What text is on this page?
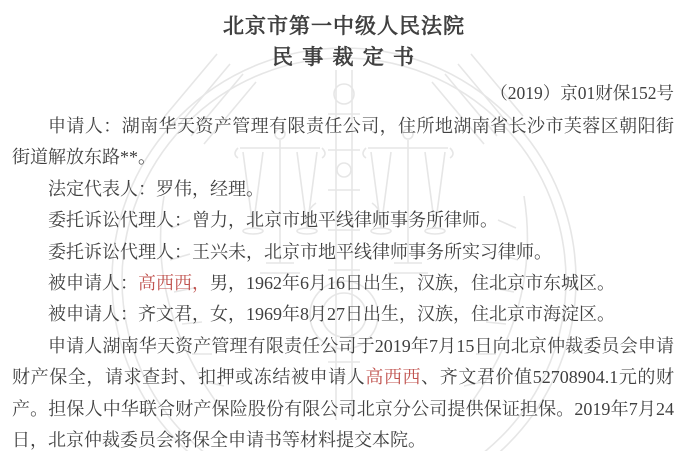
北京市第一中级人民法院
民 事 裁 定 书
（2019）京01财保152号

申请人：湖南华天资产管理有限责任公司，住所地湖南省长沙市芙蓉区朝阳街街道解放东路**。

法定代表人：罗伟，经理。

委托诉讼代理人：曾力，北京市地平线律师事务所律师。

委托诉讼代理人：王兴未，北京市地平线律师事务所实习律师。

被申请人：高西西，男，1962年6月16日出生，汉族，住北京市东城区。

被申请人：齐文君，女，1969年8月27日出生，汉族，住北京市海淀区。

申请人湖南华天资产管理有限责任公司于2019年7月15日向北京仲裁委员会申请财产保全，请求查封、扣押或冻结被申请人高西西、齐文君价值52708904.1元的财产。担保人中华联合财产保险股份有限公司北京分公司提供保证担保。2019年7月24日，北京仲裁委员会将保全申请书等材料提交本院。
